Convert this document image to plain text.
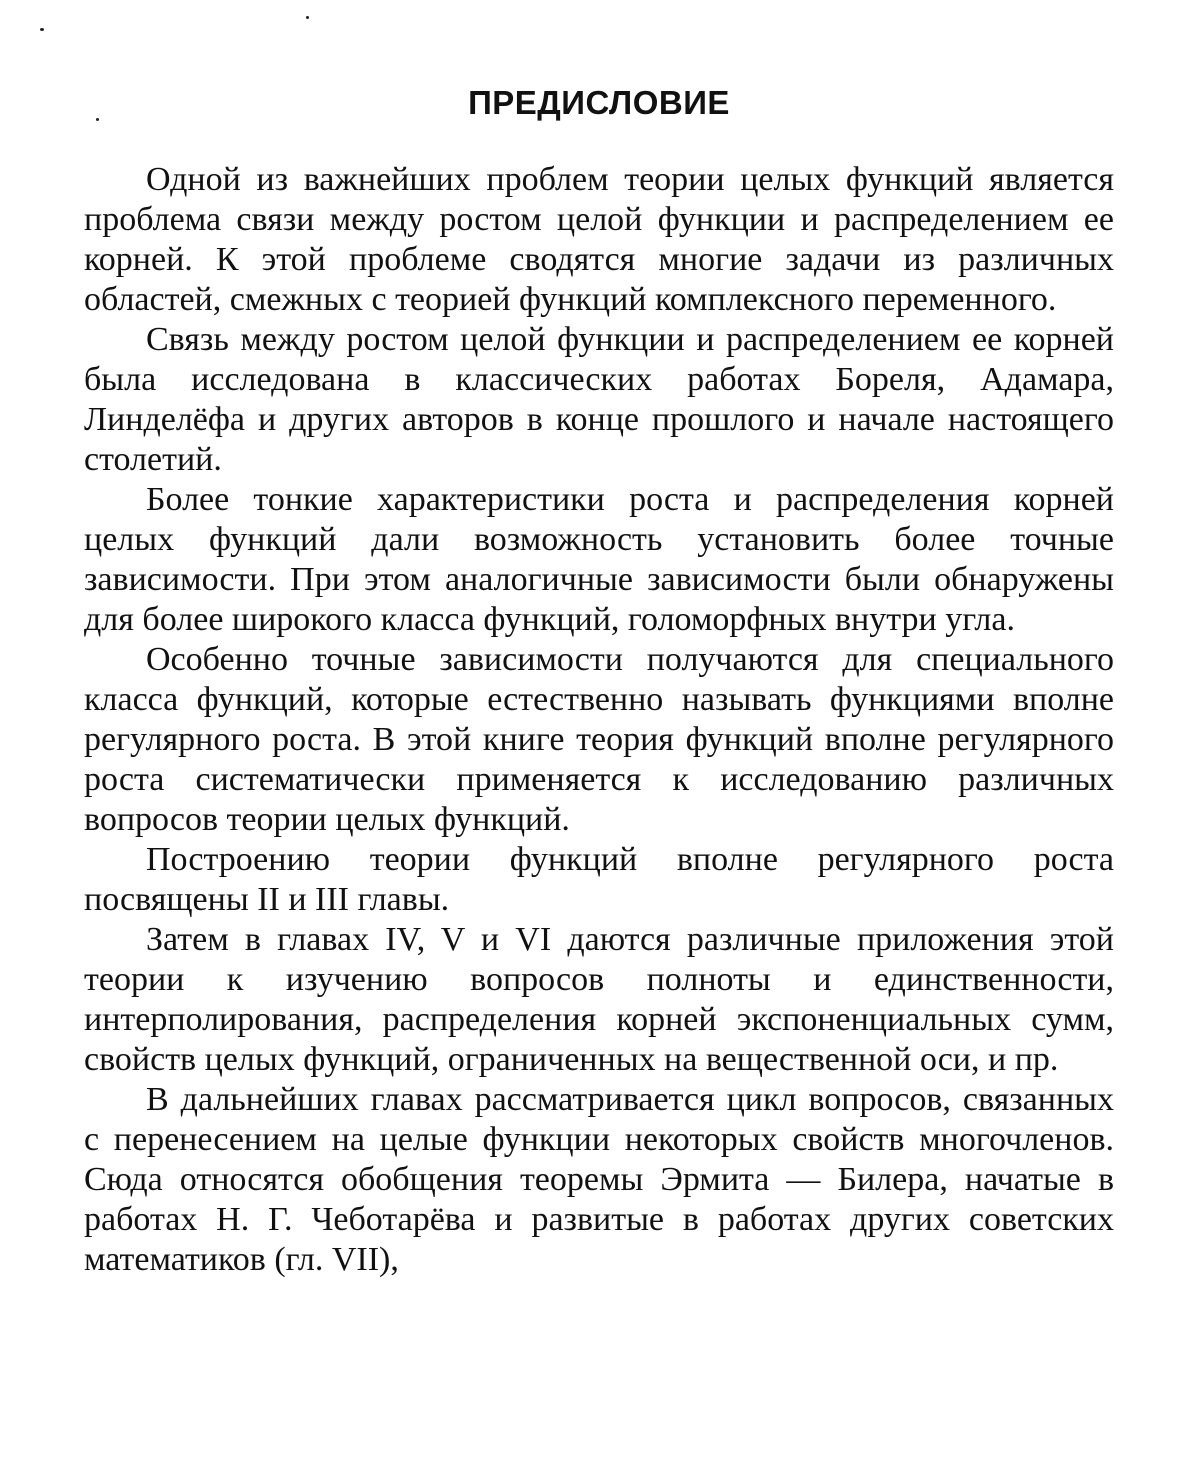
ПРЕДИСЛОВИЕ

Одной из важнейших проблем теории целых функций является проблема связи между ростом целой функции и распределением ее корней. К этой проблеме сводятся многие задачи из различных областей, смежных с теорией функций комплексного переменного.

Связь между ростом целой функции и распределением ее корней была исследована в классических работах Бореля, Адамара, Линделёфа и других авторов в конце прошлого и начале настоящего столетий.

Более тонкие характеристики роста и распределения корней целых функций дали возможность установить более точные зависимости. При этом аналогичные зависимости были обнаружены для более широкого класса функций, голоморфных внутри угла.

Особенно точные зависимости получаются для специального класса функций, которые естественно называть функциями вполне регулярного роста. В этой книге теория функций вполне регулярного роста систематически применяется к исследованию различных вопросов теории целых функций.

Построению теории функций вполне регулярного роста посвящены II и III главы.

Затем в главах IV, V и VI даются различные приложения этой теории к изучению вопросов полноты и единственности, интерполирования, распределения корней экспоненциальных сумм, свойств целых функций, ограниченных на вещественной оси, и пр.

В дальнейших главах рассматривается цикл вопросов, связанных с перенесением на целые функции некоторых свойств многочленов. Сюда относятся обобщения теоремы Эрмита — Билера, начатые в работах Н. Г. Чеботарёва и развитые в работах других советских математиков (гл. VII),
